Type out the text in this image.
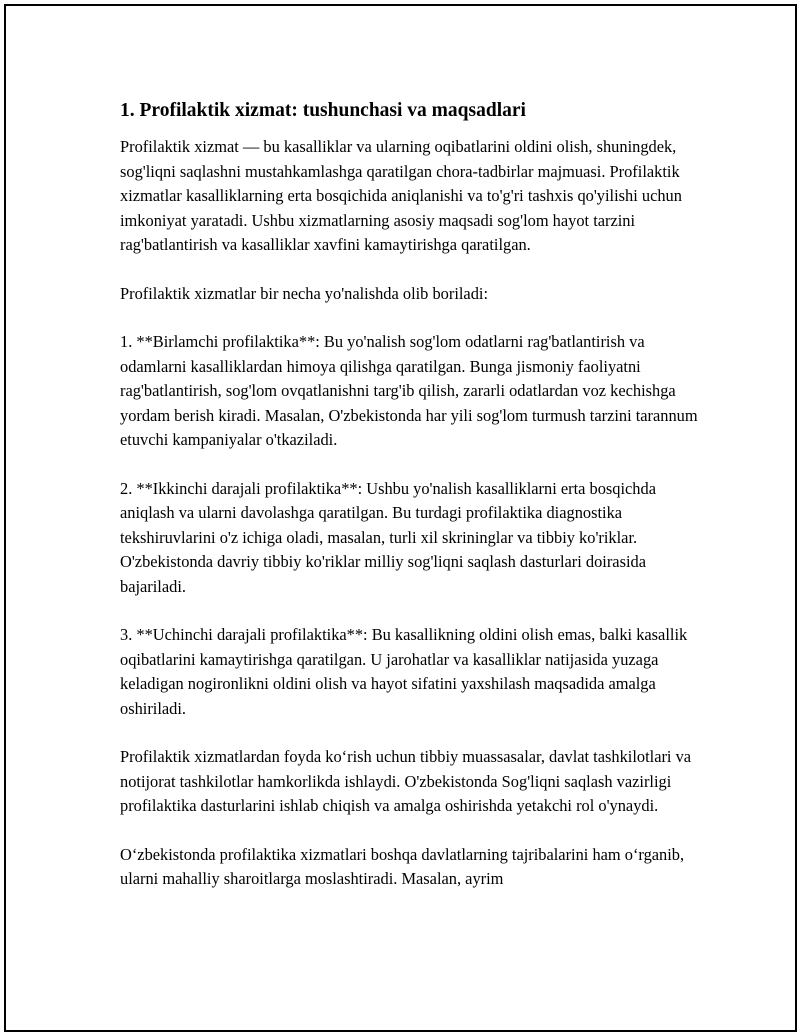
1. Profilaktik xizmat: tushunchasi va maqsadlari

Profilaktik xizmat — bu kasalliklar va ularning oqibatlarini oldini olish, shuningdek, sog'liqni saqlashni mustahkamlashga qaratilgan chora-tadbirlar majmuasi. Profilaktik xizmatlar kasalliklarning erta bosqichida aniqlanishi va to'g'ri tashxis qo'yilishi uchun imkoniyat yaratadi. Ushbu xizmatlarning asosiy maqsadi sog'lom hayot tarzini rag'batlantirish va kasalliklar xavfini kamaytirishga qaratilgan.

Profilaktik xizmatlar bir necha yo'nalishda olib boriladi:

1. **Birlamchi profilaktika**: Bu yo'nalish sog'lom odatlarni rag'batlantirish va odamlarni kasalliklardan himoya qilishga qaratilgan. Bunga jismoniy faoliyatni rag'batlantirish, sog'lom ovqatlanishni targ'ib qilish, zararli odatlardan voz kechishga yordam berish kiradi. Masalan, O'zbekistonda har yili sog'lom turmush tarzini tarannum etuvchi kampaniyalar o'tkaziladi.

2. **Ikkinchi darajali profilaktika**: Ushbu yo'nalish kasalliklarni erta bosqichda aniqlash va ularni davolashga qaratilgan. Bu turdagi profilaktika diagnostika tekshiruvlarini o'z ichiga oladi, masalan, turli xil skrininglar va tibbiy ko'riklar. O'zbekistonda davriy tibbiy ko'riklar milliy sog'liqni saqlash dasturlari doirasida bajariladi.

3. **Uchinchi darajali profilaktika**: Bu kasallikning oldini olish emas, balki kasallik oqibatlarini kamaytirishga qaratilgan. U jarohatlar va kasalliklar natijasida yuzaga keladigan nogironlikni oldini olish va hayot sifatini yaxshilash maqsadida amalga oshiriladi.

Profilaktik xizmatlardan foyda ko‘rish uchun tibbiy muassasalar, davlat tashkilotlari va notijorat tashkilotlar hamkorlikda ishlaydi. O'zbekistonda Sog'liqni saqlash vazirligi profilaktika dasturlarini ishlab chiqish va amalga oshirishda yetakchi rol o'ynaydi.

O‘zbekistonda profilaktika xizmatlari boshqa davlatlarning tajribalarini ham o‘rganib, ularni mahalliy sharoitlarga moslashtiradi. Masalan, ayrim
